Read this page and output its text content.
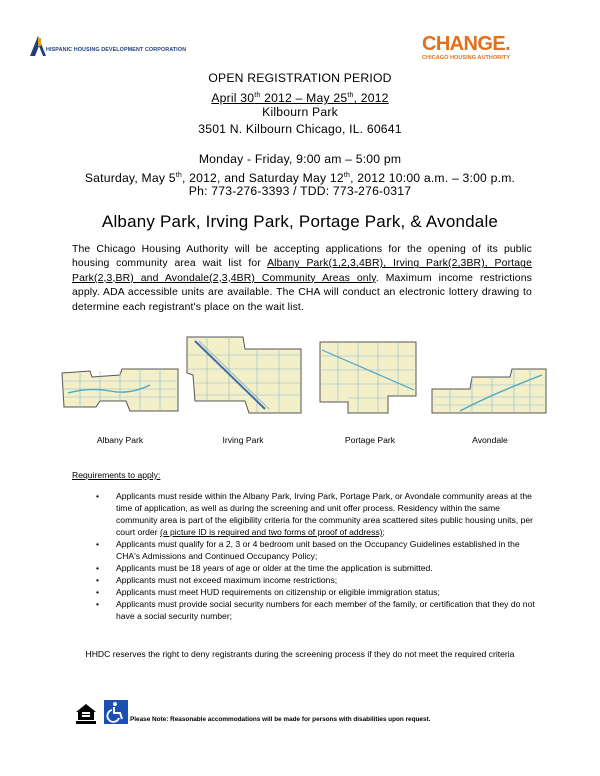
HISPANIC HOUSING DEVELOPMENT CORPORATION	CHANGE.
CHICAGO HOUSING AUTHORITY
OPEN REGISTRATION PERIOD
April 30th 2012 – May 25th, 2012
Kilbourn Park
3501 N. Kilbourn Chicago, IL. 60641
Monday - Friday, 9:00 am – 5:00 pm
Saturday, May 5th, 2012, and Saturday May 12th, 2012 10:00 a.m. – 3:00 p.m.
Ph: 773-276-3393 / TDD: 773-276-0317
Albany Park, Irving Park, Portage Park, & Avondale
The Chicago Housing Authority will be accepting applications for the opening of its public housing community area wait list for Albany Park(1,2,3,4BR), Irving Park(2,3BR), Portage Park(2,3,BR) and Avondale(2,3,4BR) Community Areas only. Maximum income restrictions apply. ADA accessible units are available. The CHA will conduct an electronic lottery drawing to determine each registrant's place on the wait list.
Albany Park	Irving Park	Portage Park	Avondale
Requirements to apply:
• Applicants must reside within the Albany Park, Irving Park, Portage Park, or Avondale community areas at the time of application, as well as during the screening and unit offer process. Residency within the same community area is part of the eligibility criteria for the community area scattered sites public housing units, per court order (a picture ID is required and two forms of proof of address);
• Applicants must qualify for a 2, 3 or 4 bedroom unit based on the Occupancy Guidelines established in the CHA's Admissions and Continued Occupancy Policy;
• Applicants must be 18 years of age or older at the time the application is submitted.
• Applicants must not exceed maximum income restrictions;
• Applicants must meet HUD requirements on citizenship or eligible immigration status;
• Applicants must provide social security numbers for each member of the family, or certification that they do not have a social security number;
HHDC reserves the right to deny registrants during the screening process if they do not meet the required criteria
Please Note: Reasonable accommodations will be made for persons with disabilities upon request.
